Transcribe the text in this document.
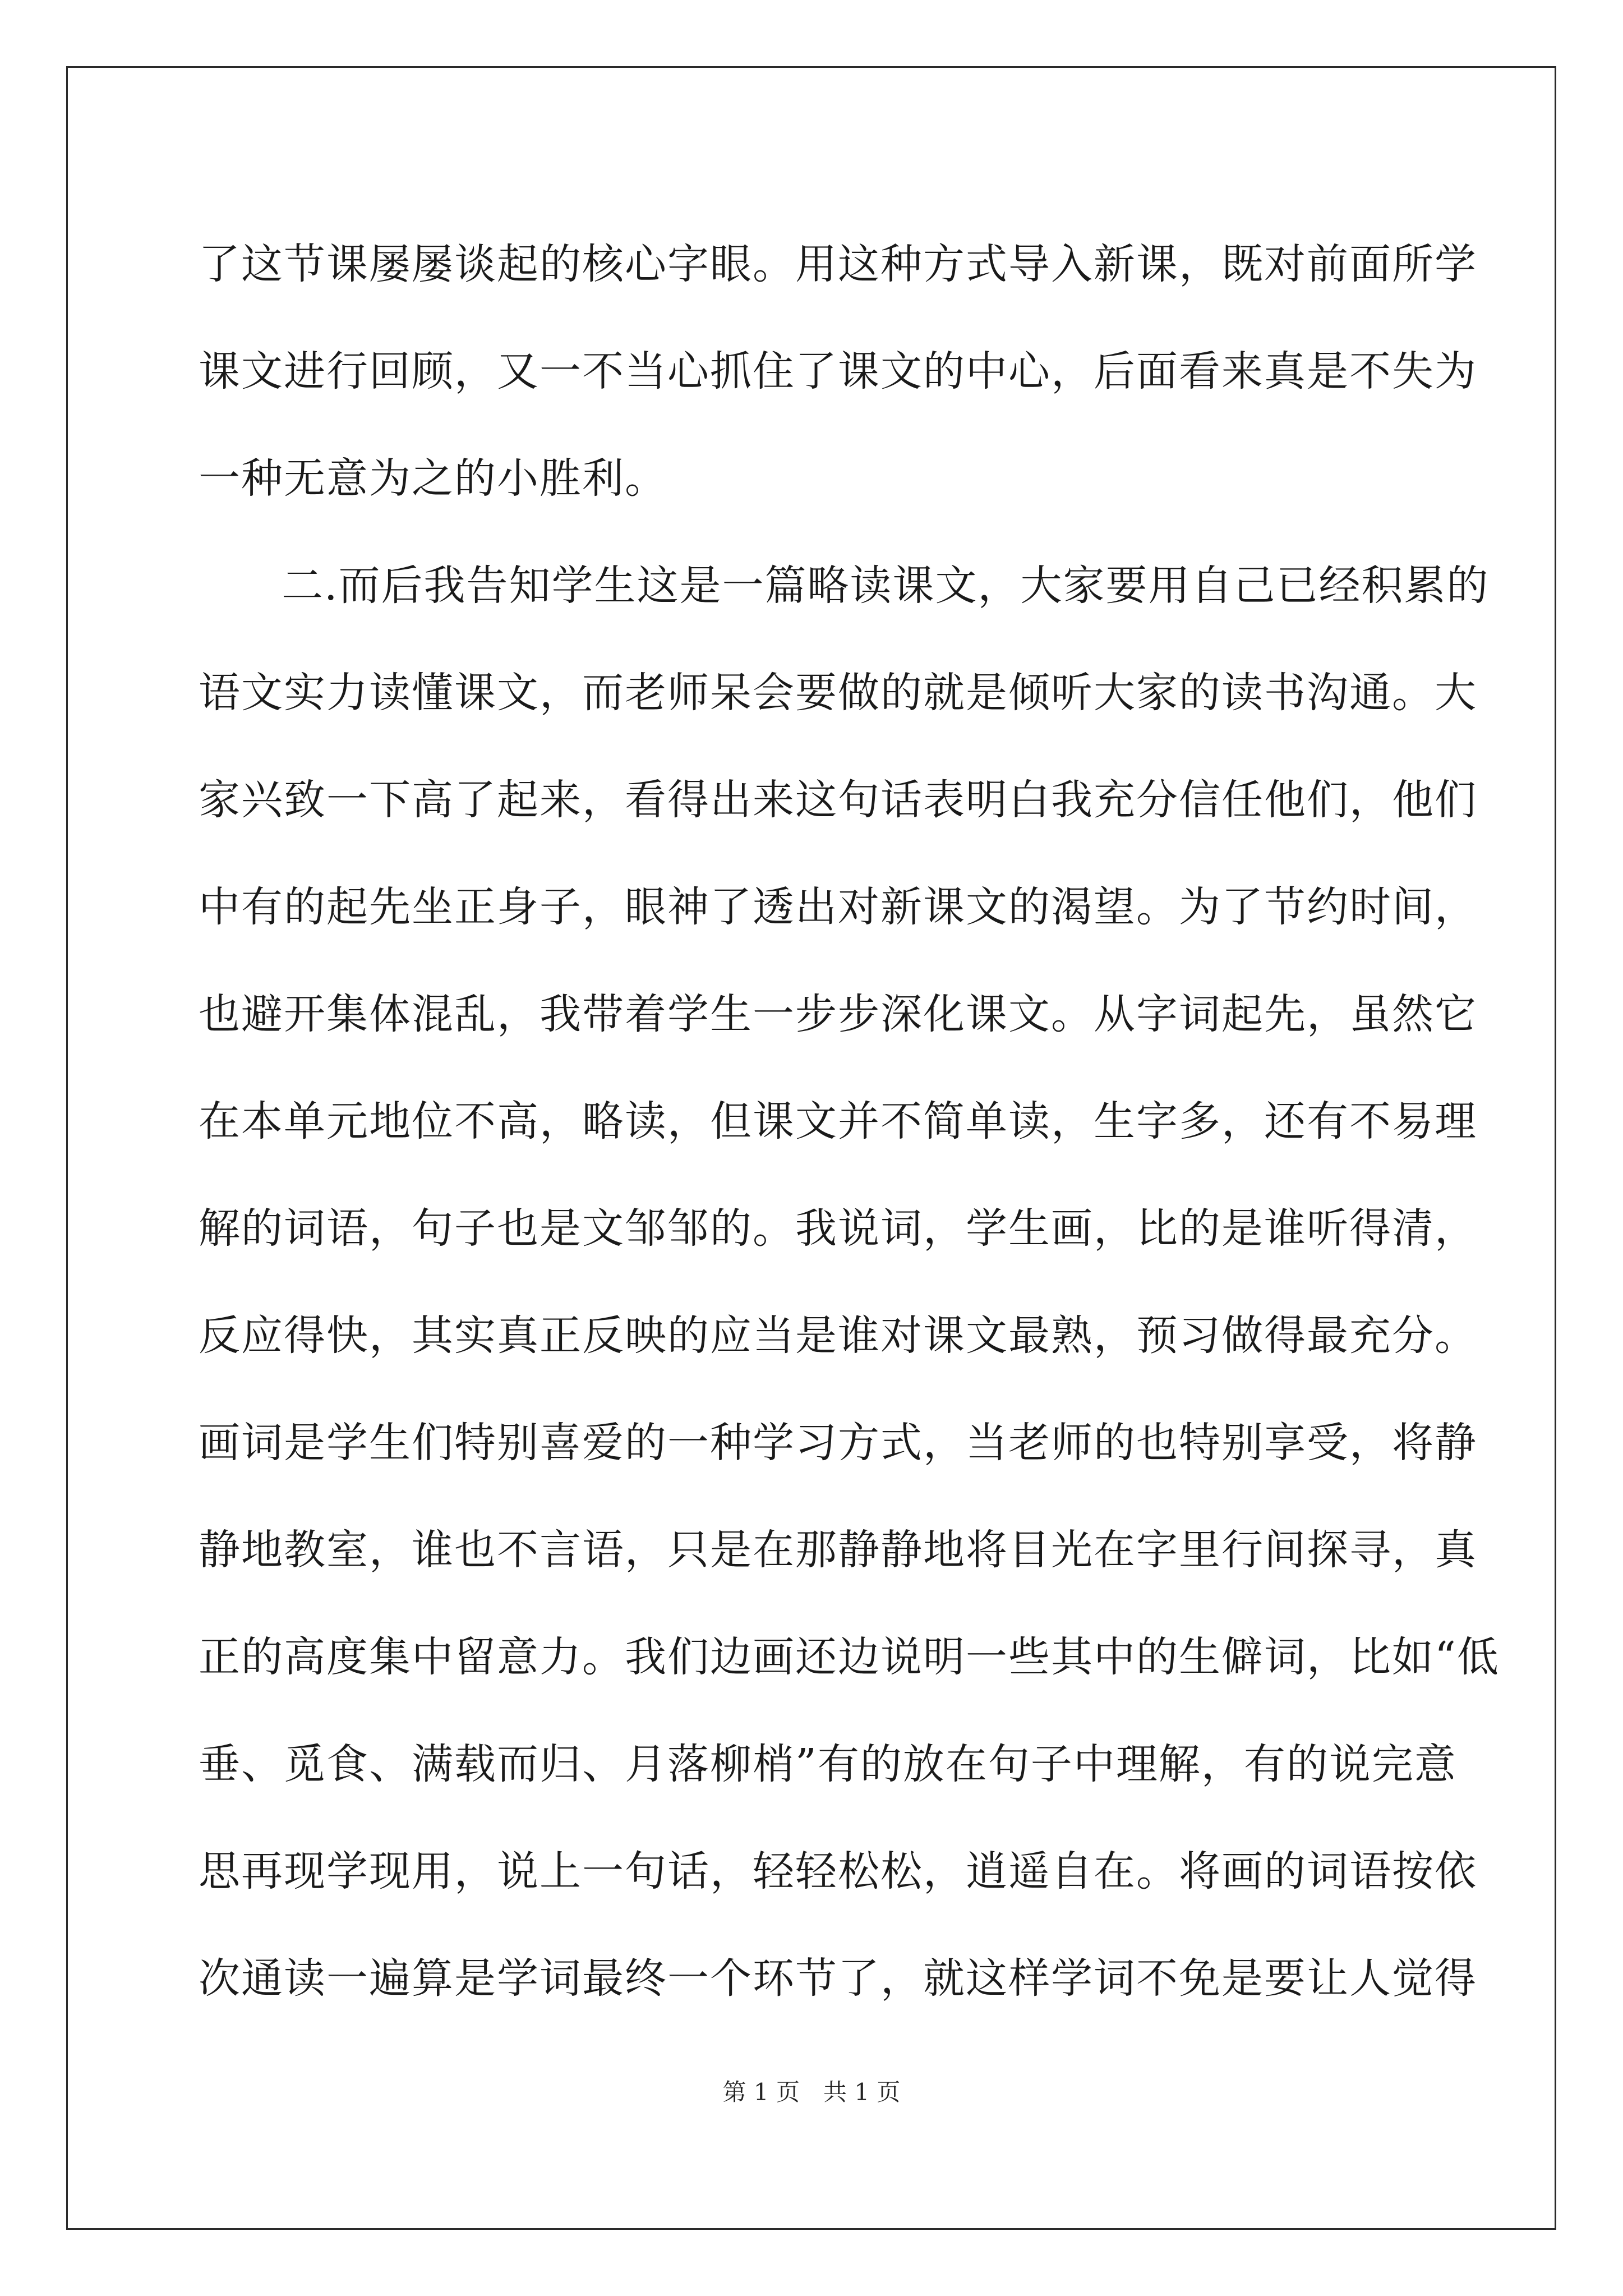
了这节课屡屡谈起的核心字眼。用这种方式导入新课，既对前面所学
课文进行回顾，又一不当心抓住了课文的中心，后面看来真是不失为
一种无意为之的小胜利。
二.而后我告知学生这是一篇略读课文，大家要用自己已经积累的
语文实力读懂课文，而老师呆会要做的就是倾听大家的读书沟通。大
家兴致一下高了起来，看得出来这句话表明白我充分信任他们，他们
中有的起先坐正身子，眼神了透出对新课文的渴望。为了节约时间，
也避开集体混乱，我带着学生一步步深化课文。从字词起先，虽然它
在本单元地位不高，略读，但课文并不简单读，生字多，还有不易理
解的词语，句子也是文邹邹的。我说词，学生画，比的是谁听得清，
反应得快，其实真正反映的应当是谁对课文最熟，预习做得最充分。
画词是学生们特别喜爱的一种学习方式，当老师的也特别享受，将静
静地教室，谁也不言语，只是在那静静地将目光在字里行间探寻，真
正的高度集中留意力。我们边画还边说明一些其中的生僻词，比如“低
垂、觅食、满载而归、月落柳梢”有的放在句子中理解，有的说完意
思再现学现用，说上一句话，轻轻松松，逍遥自在。将画的词语按依
次通读一遍算是学词最终一个环节了，就这样学词不免是要让人觉得
第 1 页　共 1 页
